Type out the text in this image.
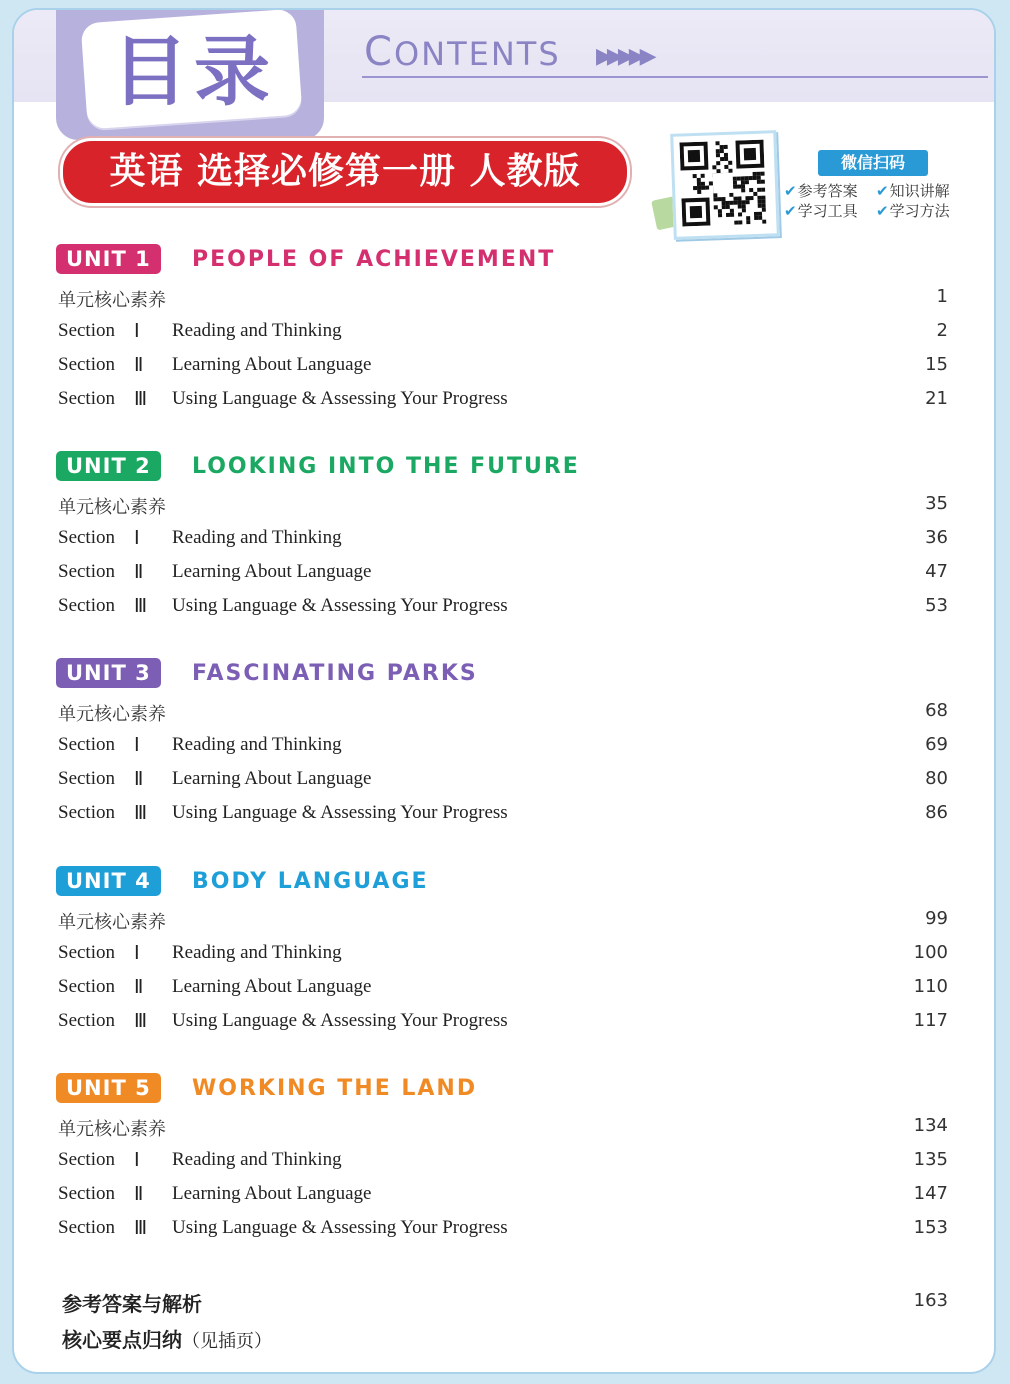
目录 CONTENTS ▶▶▶▶▶
英语 选择必修第一册 人教版	微信扫码
✔参考答案 ✔知识讲解
✔学习工具 ✔学习方法
UNIT 1	PEOPLE OF ACHIEVEMENT
单元核心素养	1
Section Ⅰ Reading and Thinking	2
Section Ⅱ Learning About Language	15
Section Ⅲ Using Language & Assessing Your Progress	21
UNIT 2	LOOKING INTO THE FUTURE
单元核心素养	35
Section Ⅰ Reading and Thinking	36
Section Ⅱ Learning About Language	47
Section Ⅲ Using Language & Assessing Your Progress	53
UNIT 3	FASCINATING PARKS
单元核心素养	68
Section Ⅰ Reading and Thinking	69
Section Ⅱ Learning About Language	80
Section Ⅲ Using Language & Assessing Your Progress	86
UNIT 4	BODY LANGUAGE
单元核心素养	99
Section Ⅰ Reading and Thinking	100
Section Ⅱ Learning About Language	110
Section Ⅲ Using Language & Assessing Your Progress	117
UNIT 5	WORKING THE LAND
单元核心素养	134
Section Ⅰ Reading and Thinking	135
Section Ⅱ Learning About Language	147
Section Ⅲ Using Language & Assessing Your Progress	153
参考答案与解析	163
核心要点归纳（见插页）
